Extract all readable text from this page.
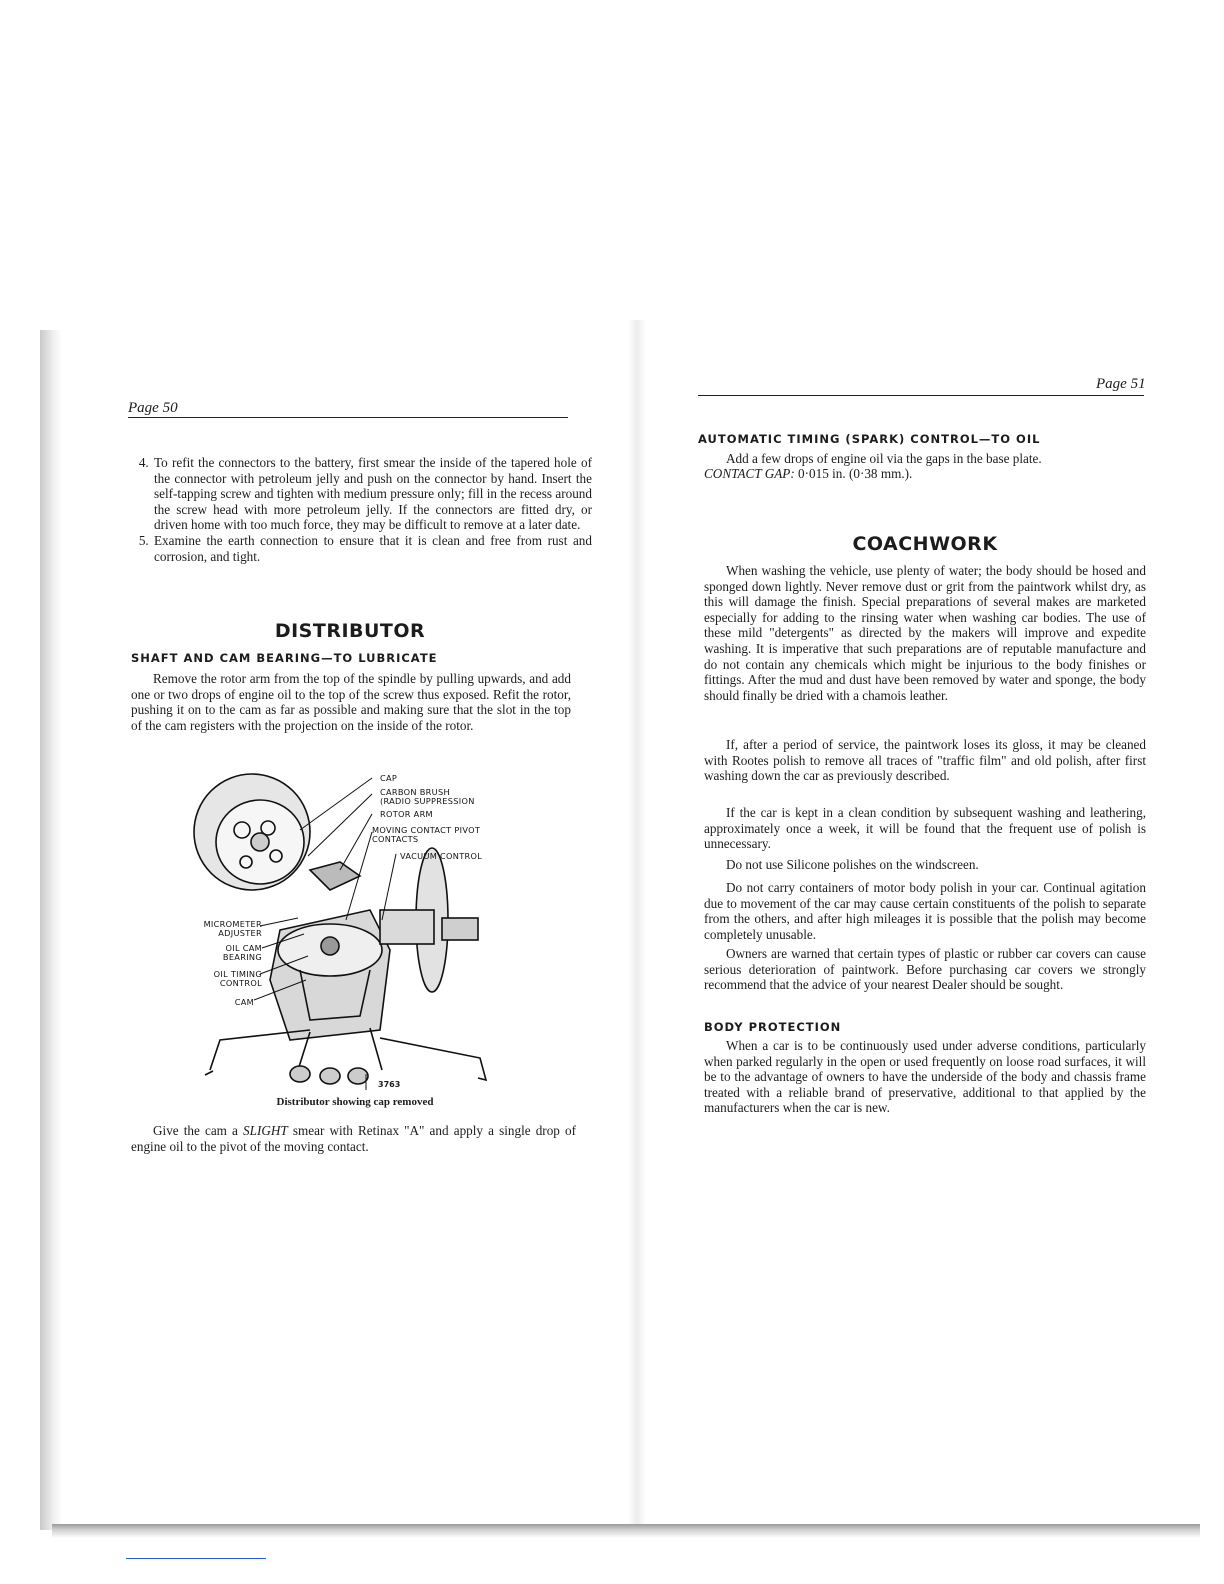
Page 50
4. To refit the connectors to the battery, first smear the inside of the tapered hole of the connector with petroleum jelly and push on the connector by hand. Insert the self-tapping screw and tighten with medium pressure only; fill in the recess around the screw head with more petroleum jelly. If the connectors are fitted dry, or driven home with too much force, they may be difficult to remove at a later date.
5. Examine the earth connection to ensure that it is clean and free from rust and corrosion, and tight.
DISTRIBUTOR
SHAFT AND CAM BEARING—TO LUBRICATE

Remove the rotor arm from the top of the spindle by pulling upwards, and add one or two drops of engine oil to the top of the screw thus exposed. Refit the rotor, pushing it on to the cam as far as possible and making sure that the slot in the top of the cam registers with the projection on the inside of the rotor.

CAP
CARBON BRUSH
(RADIO SUPPRESSION
ROTOR ARM
MOVING CONTACT PIVOT
CONTACTS
VACUUM CONTROL
MICROMETER
ADJUSTER
OIL CAM
BEARING
OIL TIMING
CONTROL
CAM
3763
Distributor showing cap removed

Give the cam a SLIGHT smear with Retinax "A" and apply a single drop of engine oil to the pivot of the moving contact.

Page 51
AUTOMATIC TIMING (SPARK) CONTROL—TO OIL

Add a few drops of engine oil via the gaps in the base plate.

CONTACT GAP: 0·015 in. (0·38 mm.).

COACHWORK

When washing the vehicle, use plenty of water; the body should be hosed and sponged down lightly. Never remove dust or grit from the paintwork whilst dry, as this will damage the finish. Special preparations of several makes are marketed especially for adding to the rinsing water when washing car bodies. The use of these mild "detergents" as directed by the makers will improve and expedite washing. It is imperative that such preparations are of reputable manufacture and do not contain any chemicals which might be injurious to the body finishes or fittings. After the mud and dust have been removed by water and sponge, the body should finally be dried with a chamois leather.

If, after a period of service, the paintwork loses its gloss, it may be cleaned with Rootes polish to remove all traces of "traffic film" and old polish, after first washing down the car as previously described.

If the car is kept in a clean condition by subsequent washing and leathering, approximately once a week, it will be found that the frequent use of polish is unnecessary.

Do not use Silicone polishes on the windscreen.

Do not carry containers of motor body polish in your car. Continual agitation due to movement of the car may cause certain constituents of the polish to separate from the others, and after high mileages it is possible that the polish may become completely unusable.

Owners are warned that certain types of plastic or rubber car covers can cause serious deterioration of paintwork. Before purchasing car covers we strongly recommend that the advice of your nearest Dealer should be sought.

BODY PROTECTION

When a car is to be continuously used under adverse conditions, particularly when parked regularly in the open or used frequently on loose road surfaces, it will be to the advantage of owners to have the underside of the body and chassis frame treated with a reliable brand of preservative, additional to that applied by the manufacturers when the car is new.
